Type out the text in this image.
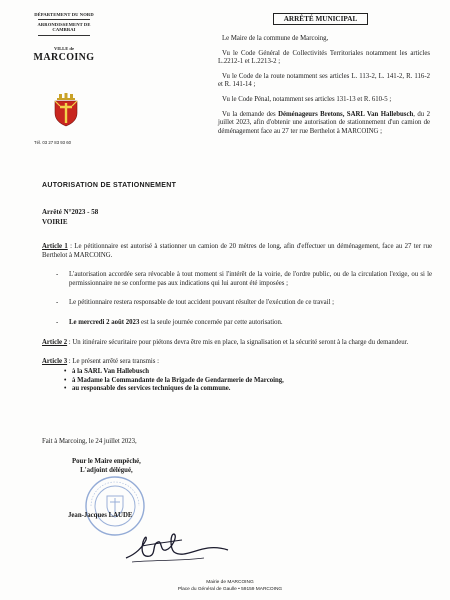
DÉPARTEMENT DU NORD
ARRONDISSEMENT DE CAMBRAI
VILLE de
MARCOING
Tél. 03 27 83 93 60
ARRÊTÉ MUNICIPAL

Le Maire de la commune de Marcoing,

Vu le Code Général de Collectivités Territoriales notamment les articles L.2212-1 et L.2213-2 ;

Vu le Code de la route notamment ses articles L. 113-2, L. 141-2, R. 116-2 et R. 141-14 ;

Vu le Code Pénal, notamment ses articles 131-13 et R. 610-5 ;

Vu la demande des Déménageurs Bretons, SARL Van Hallebusch, du 2 juillet 2023, afin d'obtenir une autorisation de stationnement d'un camion de déménagement face au 27 ter rue Berthelot à MARCOING ;

AUTORISATION DE STATIONNEMENT
Arrêté N°2023 - 58
VOIRIE
Article 1 : Le pétitionnaire est autorisé à stationner un camion de 20 mètres de long, afin d'effectuer un déménagement, face au 27 ter rue Berthelot à MARCOING.
- L'autorisation accordée sera révocable à tout moment si l'intérêt de la voirie, de l'ordre public, ou de la circulation l'exige, ou si le permissionnaire ne se conforme pas aux indications qui lui auront été imposées ;
- Le pétitionnaire restera responsable de tout accident pouvant résulter de l'exécution de ce travail ;
- Le mercredi 2 août 2023 est la seule journée concernée par cette autorisation.
Article 2 : Un itinéraire sécuritaire pour piétons devra être mis en place, la signalisation et la sécurité seront à la charge du demandeur.
Article 3 : Le présent arrêté sera transmis :
• à la SARL Van Hallebusch
• à Madame la Commandante de la Brigade de Gendarmerie de Marcoing,
• au responsable des services techniques de la commune.
Fait à Marcoing, le 24 juillet 2023,
Pour le Maire empêché,
L'adjoint délégué,
Jean-Jacques LAUDE
Mairie de MARCOING
Place du Général de Gaulle • 59159 MARCOING
